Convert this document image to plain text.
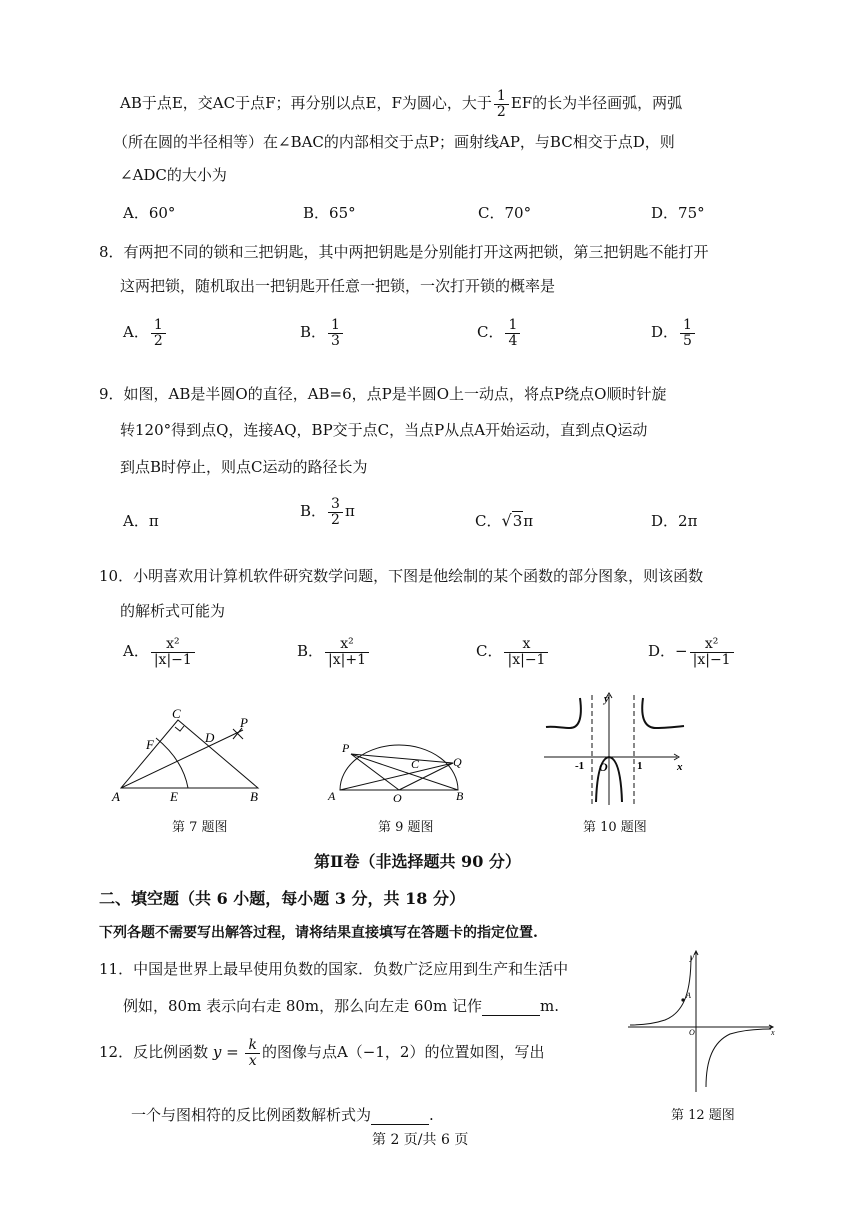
AB于点E，交AC于点F；再分别以点E，F为圆心，大于 $\frac{1}{2}$ EF的长为半径画弧，两弧
（所在圆的半径相等）在∠BAC的内部相交于点P；画射线AP，与BC相交于点D，则
∠ADC的大小为
A．60°	B．65°	C．70°	D．75°
8．有两把不同的锁和三把钥匙，其中两把钥匙是分别能打开这两把锁，第三把钥匙不能打开
这两把锁，随机取出一把钥匙开任意一把锁，一次打开锁的概率是
A． $\frac{1}{2}$	B． $\frac{1}{3}$	C． $\frac{1}{4}$	D． $\frac{1}{5}$
9．如图，AB是半圆O的直径，AB=6，点P是半圆O上一动点，将点P绕点O顺时针旋
转120°得到点Q，连接AQ，BP交于点C，当点P从点A开始运动，直到点Q运动
到点B时停止，则点C运动的路径长为
A．π
B． $\frac{3}{2}$ π
C．√3π	D．2π
10．小明喜欢用计算机软件研究数学问题，下图是他绘制的某个函数的部分图象，则该函数
的解析式可能为
A． $\frac{\text{x²}}{|x|-1}$	B． $\frac{\text{x²}}{|x|+1}$	C． $\frac{x}{|x|-1}$	D．− $\frac{\text{x²}}{|x|-1}$
C
P
F	D
A	E	B
第 7 题图
P
Q
C
A	O	B
第 9 题图
y
-1 O	1	x
第 10 题图
第Ⅱ卷（非选择题共 90 分）
二、填空题（共 6 小题，每小题 3 分，共 18 分）
下列各题不需要写出解答过程，请将结果直接填写在答题卡的指定位置.
11．中国是世界上最早使用负数的国家．负数广泛应用到生产和生活中
例如，80m 表示向右走 80m，那么向左走 60m 记作	m.
12．反比例函数 $y = \frac{k}{x}$ 的图像与点A（−1，2）的位置如图，写出
一个与图相符的反比例函数解析式为	.
y
A
O	x
第 12 题图
第 2 页/共 6 页
